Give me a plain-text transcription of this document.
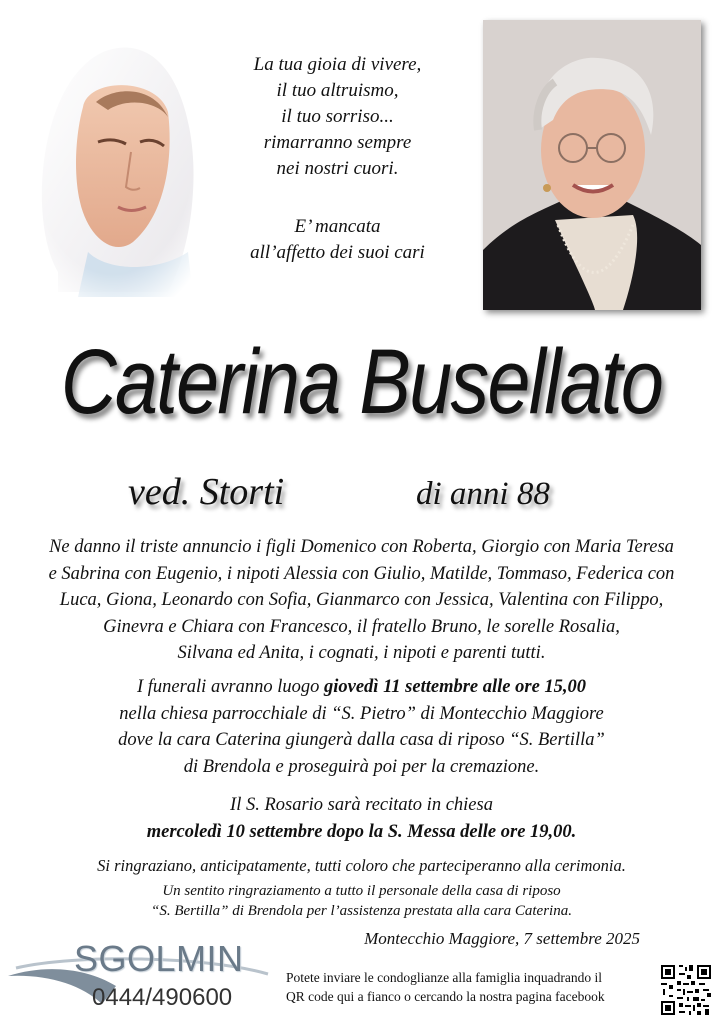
La tua gioia di vivere,
il tuo altruismo,
il tuo sorriso...
rimarranno sempre
nei nostri cuori.
E’ mancata
all’affetto dei suoi cari
Caterina Busellato
ved. Storti	di anni 88
Ne danno il triste annuncio i figli Domenico con Roberta, Giorgio con Maria Teresa
e Sabrina con Eugenio, i nipoti Alessia con Giulio, Matilde, Tommaso, Federica con
Luca, Giona, Leonardo con Sofia, Gianmarco con Jessica, Valentina con Filippo,
Ginevra e Chiara con Francesco, il fratello Bruno, le sorelle Rosalia,
Silvana ed Anita, i cognati, i nipoti e parenti tutti.
I funerali avranno luogo giovedì 11 settembre alle ore 15,00
nella chiesa parrocchiale di “S. Pietro” di Montecchio Maggiore
dove la cara Caterina giungerà dalla casa di riposo “S. Bertilla”
di Brendola e proseguirà poi per la cremazione.
Il S. Rosario sarà recitato in chiesa
mercoledì 10 settembre dopo la S. Messa delle ore 19,00.
Si ringraziano, anticipatamente, tutti coloro che parteciperanno alla cerimonia.
Un sentito ringraziamento a tutto il personale della casa di riposo
“S. Bertilla” di Brendola per l’assistenza prestata alla cara Caterina.
Montecchio Maggiore, 7 settembre 2025
SGOLMIN
0444/490600
Potete inviare le condoglianze alla famiglia inquadrando il
QR code qui a fianco o cercando la nostra pagina facebook
